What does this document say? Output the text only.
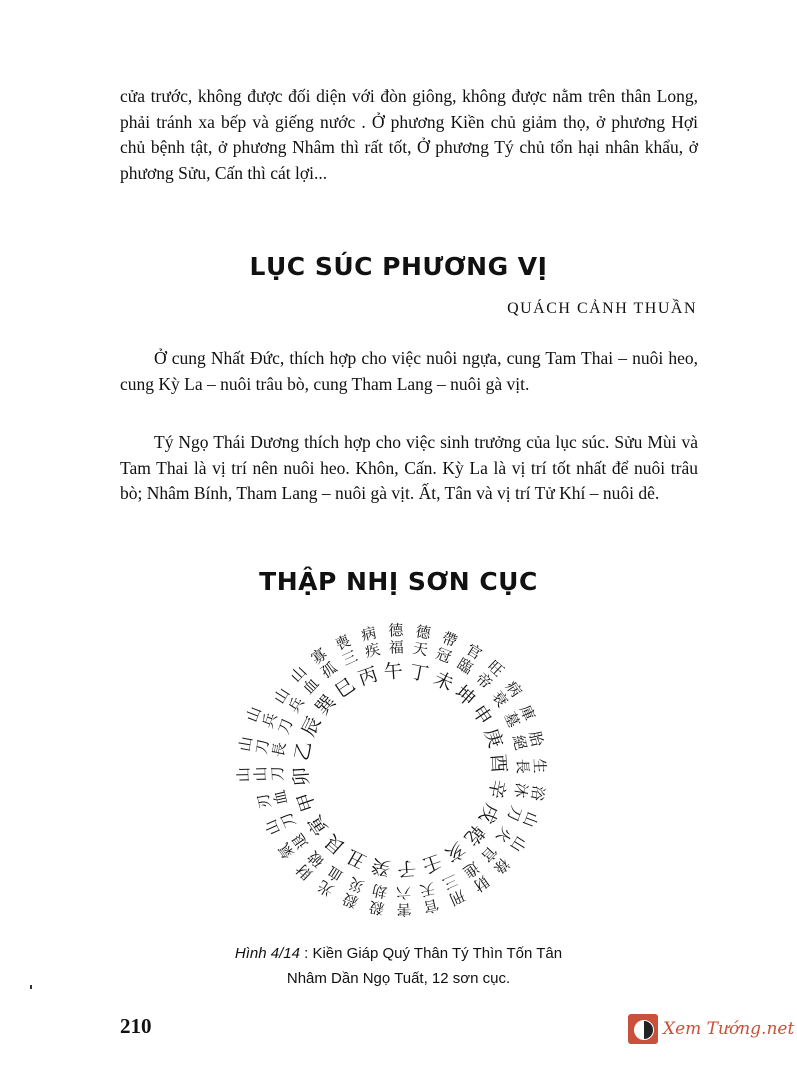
cửa trước, không được đối diện với đòn giông, không được nằm trên thân Long, phải tránh xa bếp và giếng nước . Ở phương Kiền chủ giảm thọ, ở phương Hợi chủ bệnh tật, ở phương Nhâm thì rất tốt, Ở phương Tý chủ tổn hại nhân khẩu, ở phương Sửu, Cấn thì cát lợi...

LỤC SÚC PHƯƠNG VỊ
QUÁCH CẢNH THUẦN

Ở cung Nhất Đức, thích hợp cho việc nuôi ngựa, cung Tam Thai – nuôi heo, cung Kỳ La – nuôi trâu bò, cung Tham Lang – nuôi gà vịt.

Tý Ngọ Thái Dương thích hợp cho việc sinh trưởng của lục súc. Sửu Mùi và Tam Thai là vị trí nên nuôi heo. Khôn, Cấn. Kỳ La là vị trí tốt nhất để nuôi trâu bò; Nhâm Bính, Tham Lang – nuôi gà vịt. Ất, Tân và vị trí Tử Khí – nuôi dê.

THẬP NHỊ SƠN CỤC
甲
卯
乙
辰
巽
巳
丙 午 丁 未
坤
申
庚
酉
辛
戌
乾
亥
壬
子
癸
丑
艮
寅
刀
山
山
長
刀
山
刀
兵
山 兵
山 血
山 孤
寡 三
喪 疾
病
福
德
天
德
冠
帶
臨
官
帝
旺
衰
病
墓
庫
絕
胎
長
生
沐
浴
刀
山
火
山
官
祿
進
財
三
刑
天
官
六
害
劫
殺
災
殺
血
光
破
財
退
氣
刀
山
血
刃
Hình 4/14 : Kiền Giáp Quý Thân Tý Thìn Tốn Tân
Nhâm Dần Ngọ Tuất, 12 sơn cục.
210	Xem Tướng.net
